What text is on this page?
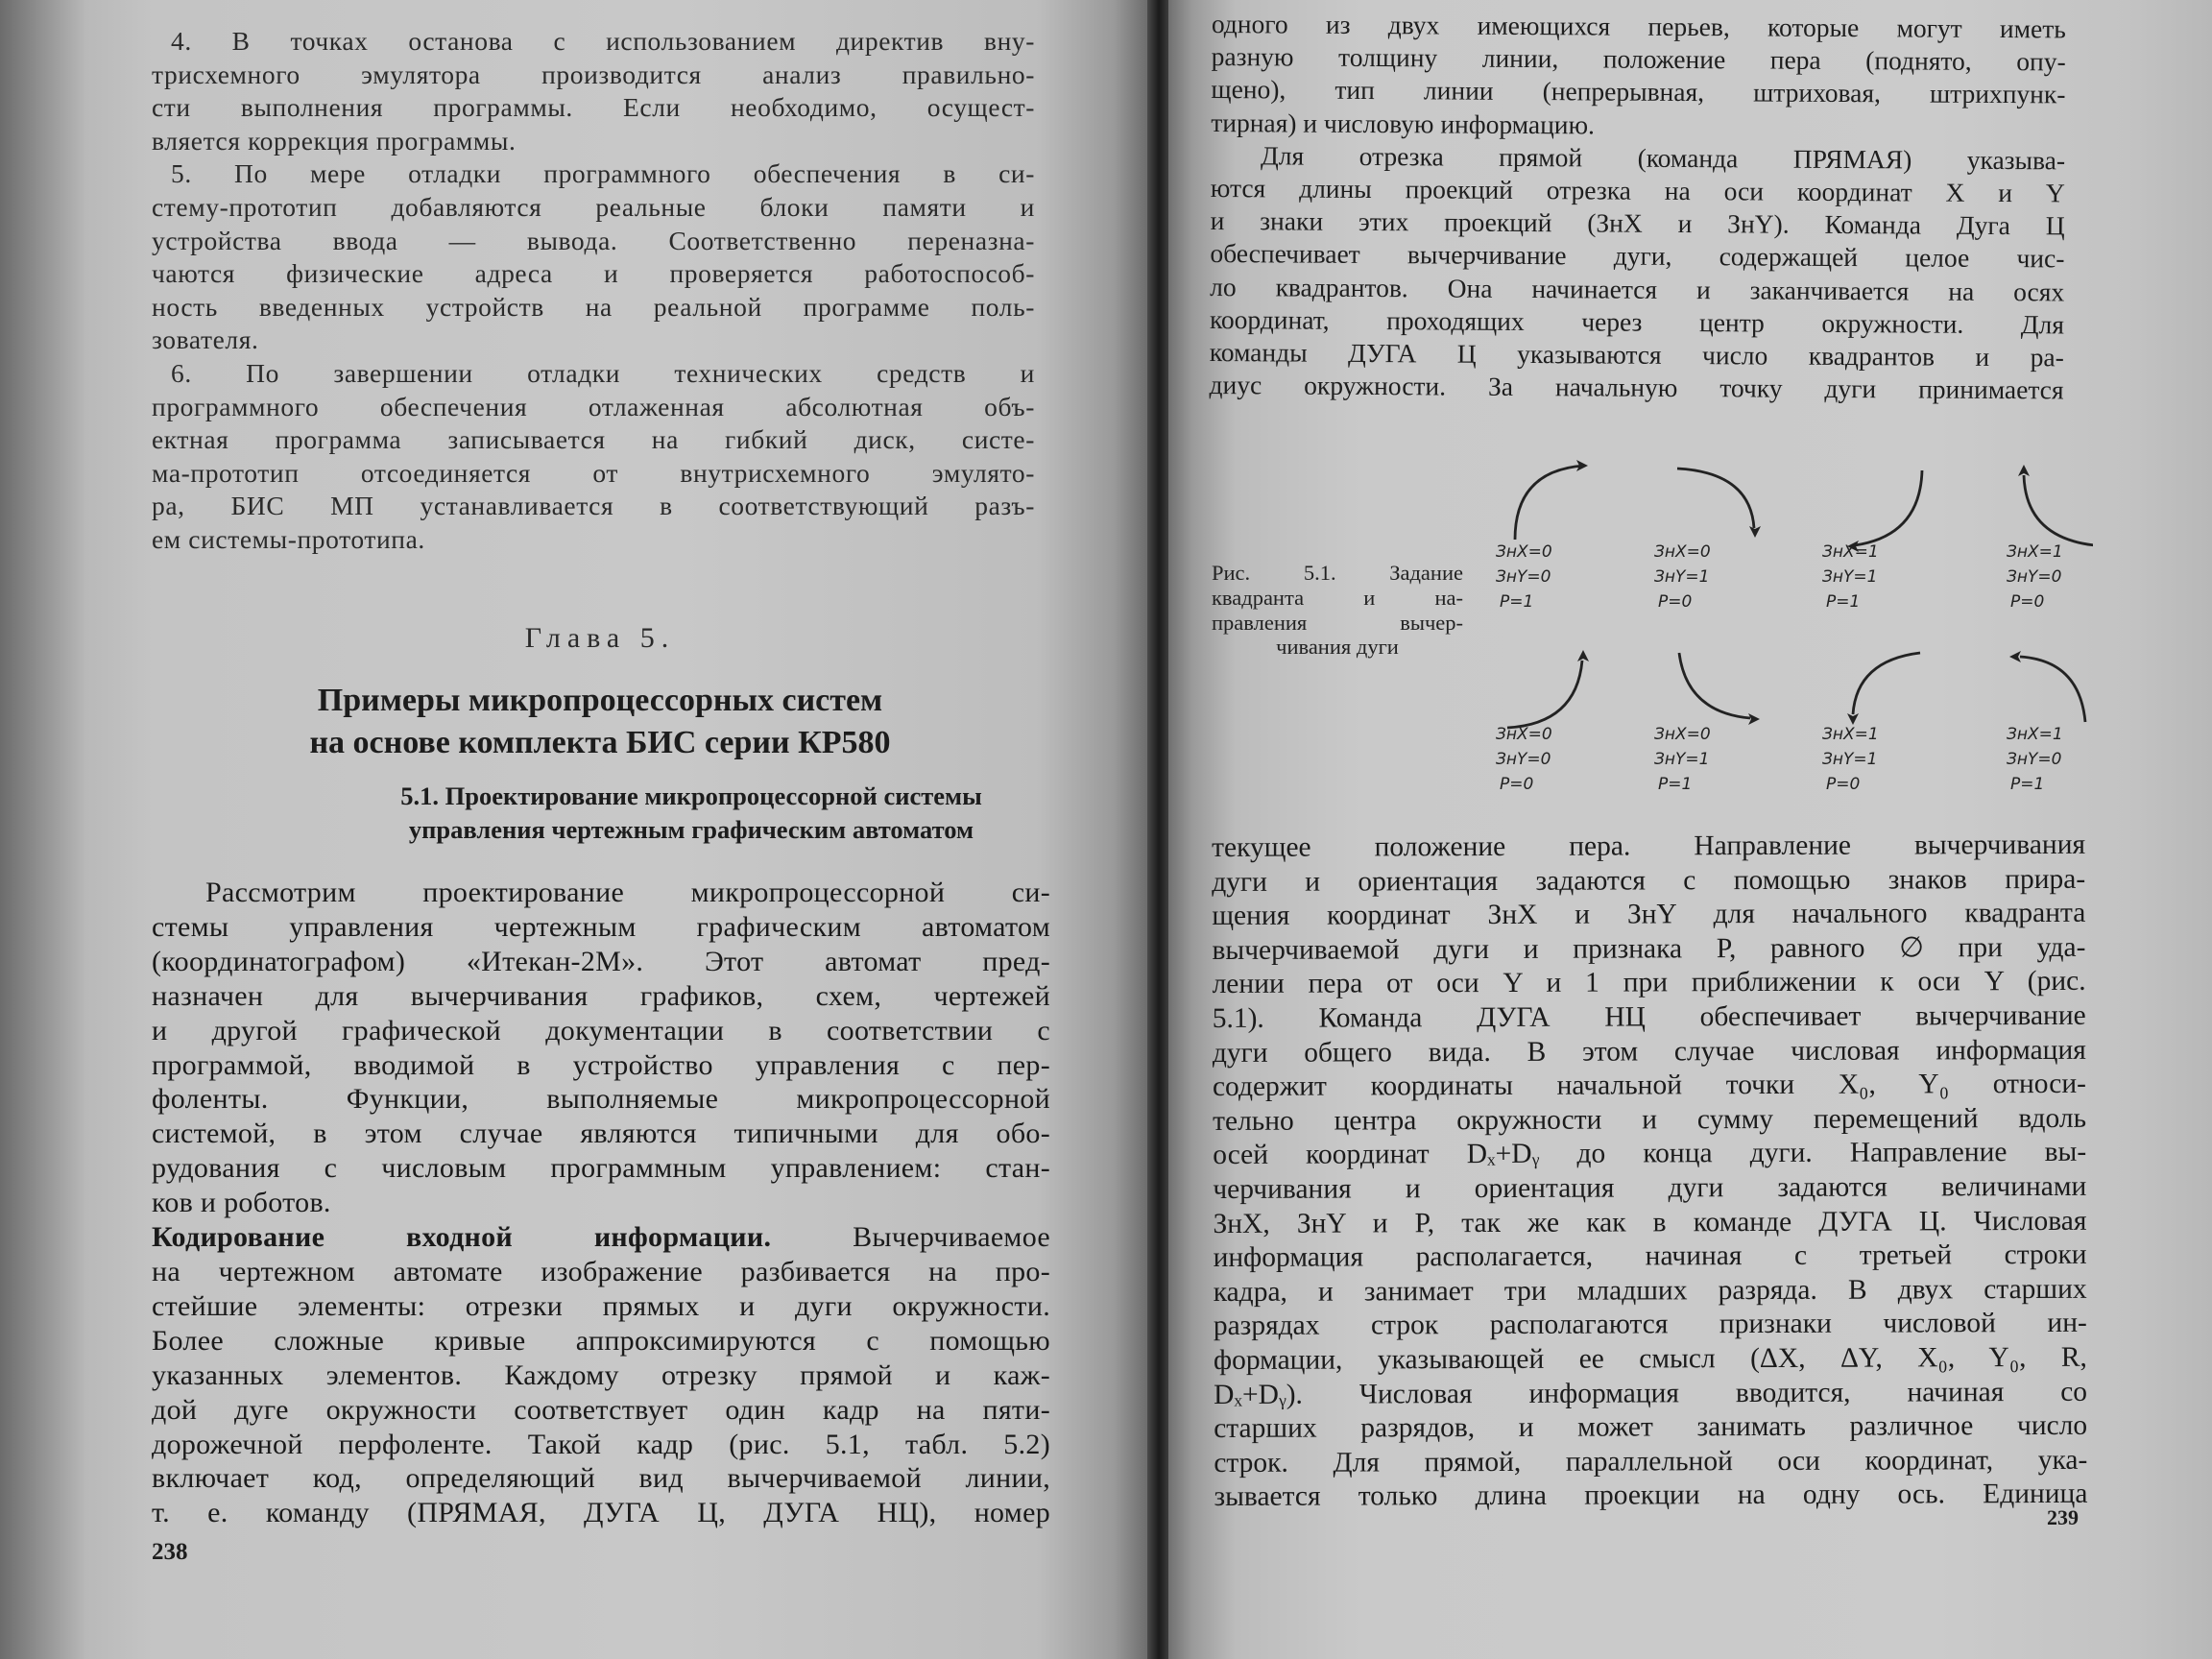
4. В точках останова с использованием директив вну-
трисхемного эмулятора производится анализ правильно-
сти выполнения программы. Если необходимо, осущест-
вляется коррекция программы.
5. По мере отладки программного обеспечения в си-
стему-прототип добавляются реальные блоки памяти и
устройства ввода — вывода. Соответственно переназна-
чаются физические адреса и проверяется работоспособ-
ность введенных устройств на реальной программе поль-
зователя.
6. По завершении отладки технических средств и
программного обеспечения отлаженная абсолютная объ-
ектная программа записывается на гибкий диск, систе-
ма-прототип отсоединяется от внутрисхемного эмулято-
ра, БИС МП устанавливается в соответствующий разъ-
ем системы-прототипа.
Глава 5.
Примеры микропроцессорных систем
на основе комплекта БИС серии КР580
5.1. Проектирование микропроцессорной системы
управления чертежным графическим автоматом
Рассмотрим проектирование микропроцессорной си-
стемы управления чертежным графическим автоматом
(координатографом) «Итекан-2М». Этот автомат пред-
назначен для вычерчивания графиков, схем, чертежей
и другой графической документации в соответствии с
программой, вводимой в устройство управления с пер-
фоленты. Функции, выполняемые микропроцессорной
системой, в этом случае являются типичными для обо-
рудования с числовым программным управлением: стан-
ков и роботов.
Кодирование входной информации. Вычерчиваемое
на чертежном автомате изображение разбивается на про-
стейшие элементы: отрезки прямых и дуги окружности.
Более сложные кривые аппроксимируются с помощью
указанных элементов. Каждому отрезку прямой и каж-
дой дуге окружности соответствует один кадр на пяти-
дорожечной перфоленте. Такой кадр (рис. 5.1, табл. 5.2)
включает код, определяющий вид вычерчиваемой линии,
т. е. команду (ПРЯМАЯ, ДУГА Ц, ДУГА НЦ), номер
238
одного из двух имеющихся перьев, которые могут иметь
разную толщину линии, положение пера (поднято, опу-
щено), тип линии (непрерывная, штриховая, штрихпунк-
тирная) и числовую информацию.
Для отрезка прямой (команда ПРЯМАЯ) указыва-
ются длины проекций отрезка на оси координат X и Y
и знаки этих проекций (ЗнX и ЗнY). Команда Дуга Ц
обеспечивает вычерчивание дуги, содержащей целое чис-
ло квадрантов. Она начинается и заканчивается на осях
координат, проходящих через центр окружности. Для
команды ДУГА Ц указываются число квадрантов и ра-
диус окружности. За начальную точку дуги принимается
Рис. 5.1. Задание
квадранта и на-
правления вычер-
чивания дуги
ЗнX=0
ЗнY=0
P=1
ЗнX=0
ЗнY=1
P=0
ЗнX=1
ЗнY=1
P=1
ЗнX=1
ЗнY=0
P=0
ЗнX=0
ЗнY=0
P=0
ЗнX=0
ЗнY=1
P=1
ЗнX=1
ЗнY=1
P=0
ЗнX=1
ЗнY=0
P=1
текущее положение пера. Направление вычерчивания
дуги и ориентация задаются с помощью знаков прира-
щения координат ЗнX и ЗнY для начального квадранта
вычерчиваемой дуги и признака P, равного ∅ при уда-
лении пера от оси Y и 1 при приближении к оси Y (рис.
5.1). Команда ДУГА НЦ обеспечивает вычерчивание
дуги общего вида. В этом случае числовая информация
содержит координаты начальной точки X₀, Y₀ относи-
тельно центра окружности и сумму перемещений вдоль
осей координат Dₓ+Dᵧ до конца дуги. Направление вы-
черчивания и ориентация дуги задаются величинами
ЗнX, ЗнY и P, так же как в команде ДУГА Ц. Числовая
информация располагается, начиная с третьей строки
кадра, и занимает три младших разряда. В двух старших
разрядах строк располагаются признаки числовой ин-
формации, указывающей ее смысл (ΔX, ΔY, X₀, Y₀, R,
Dₓ+Dᵧ). Числовая информация вводится, начиная со
старших разрядов, и может занимать различное число
строк. Для прямой, параллельной оси координат, ука-
зывается только длина проекции на одну ось. Единица
239
